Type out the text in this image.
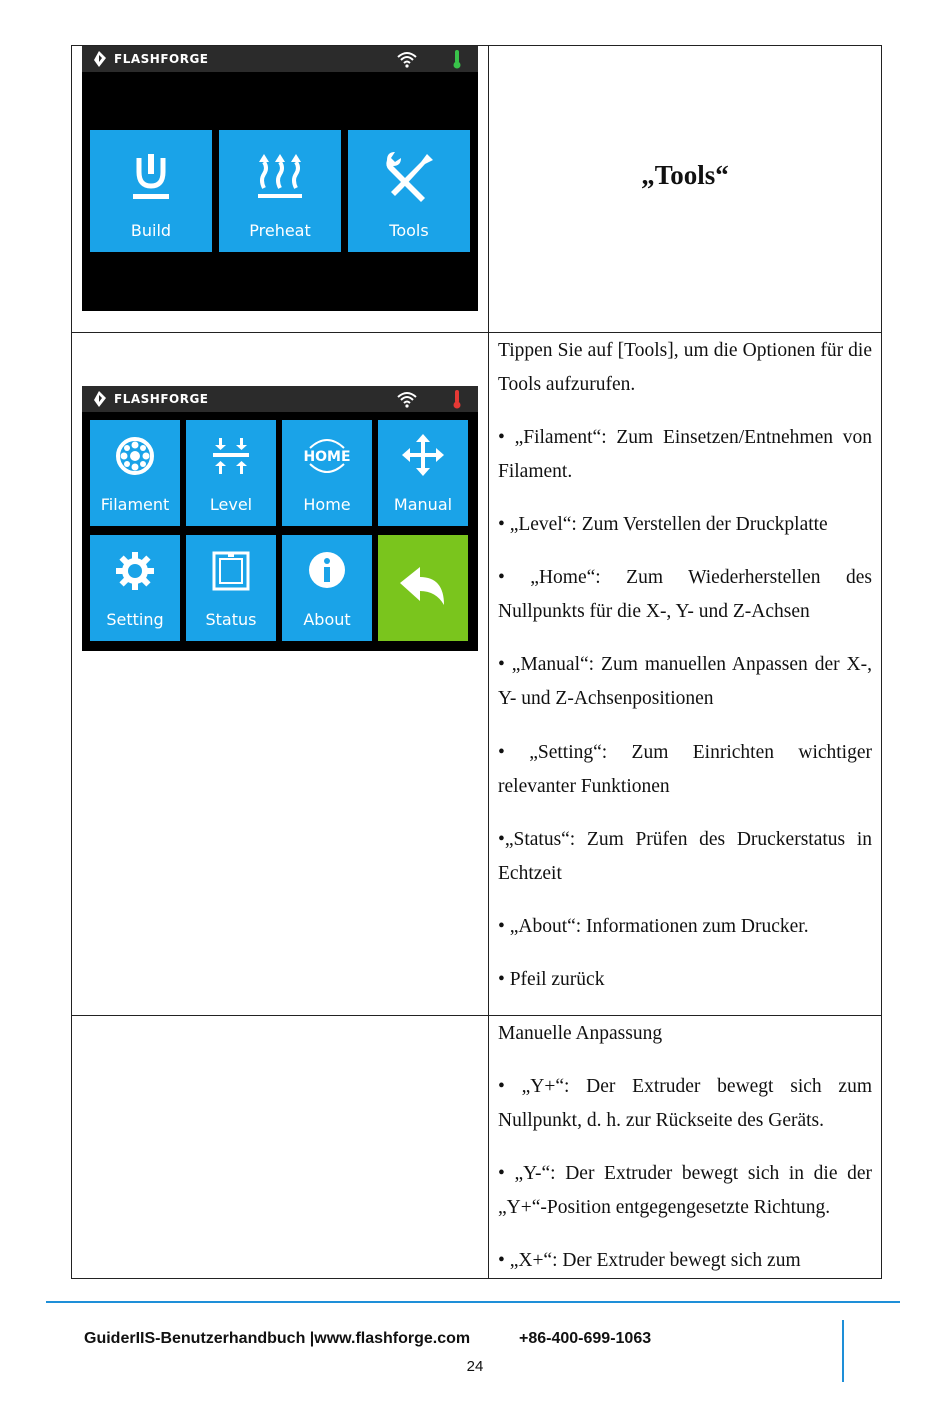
FLASHFORGE
Build	Preheat	Tools
FLASHFORGE
Filament	Level
HOME
Home	Manual
Setting	Status	About
„Tools“

Tippen Sie auf [Tools], um die Optionen für die Tools aufzurufen.

• „Filament“: Zum Einsetzen/Entnehmen von Filament.

• „Level“: Zum Verstellen der Druckplatte

• „Home“: Zum Wiederherstellen des Nullpunkts für die X-, Y- und Z-Achsen

• „Manual“: Zum manuellen Anpassen der X-, Y- und Z-Achsenpositionen

• „Setting“: Zum Einrichten wichtiger relevanter Funktionen

•„Status“: Zum Prüfen des Druckerstatus in Echtzeit

• „About“: Informationen zum Drucker.

• Pfeil zurück

Manuelle Anpassung

• „Y+“: Der Extruder bewegt sich zum Nullpunkt, d. h. zur Rückseite des Geräts.

• „Y-“: Der Extruder bewegt sich in die der „Y+“-Position entgegengesetzte Richtung.

• „X+“: Der Extruder bewegt sich zum

GuiderIIS-Benutzerhandbuch |www.flashforge.com	+86-400-699-1063
24
